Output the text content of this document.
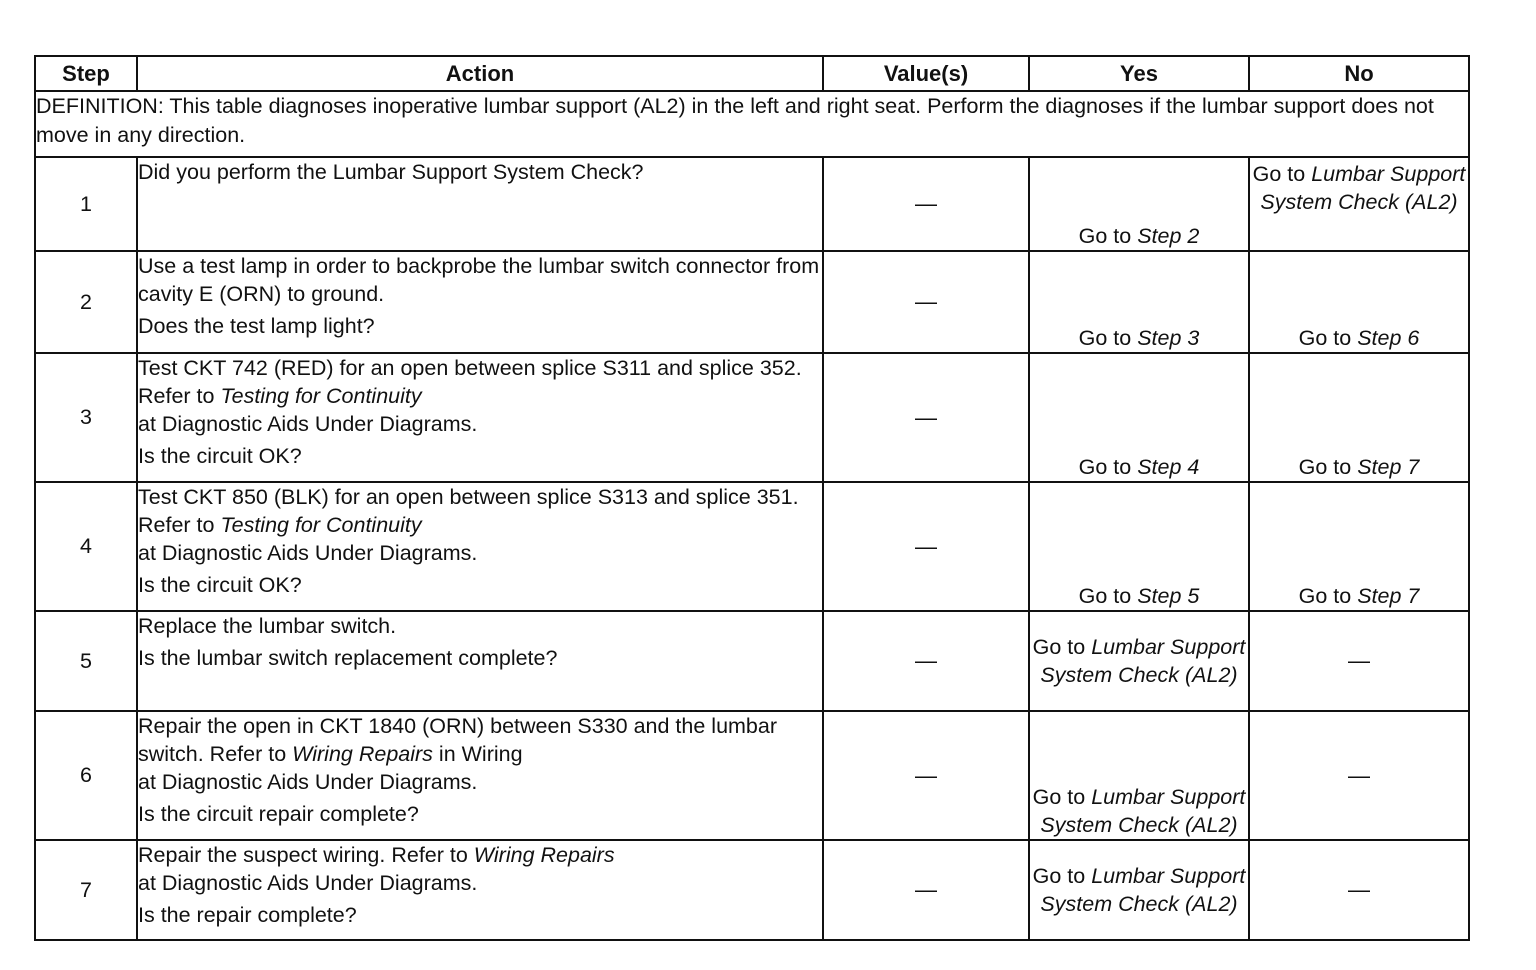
Step	Action	Value(s)	Yes	No
DEFINITION: This table diagnoses inoperative lumbar support (AL2) in the left and right seat. Perform the diagnoses if the lumbar support does not move in any direction.				
1	Did you perform the Lumbar Support System Check?	—	Go to Step 2	Go to Lumbar Support System Check (AL2)
2	Use a test lamp in order to backprobe the lumbar switch connector from cavity E (ORN) to ground.
Does the test lamp light?	—	Go to Step 3	Go to Step 6
3	Test CKT 742 (RED) for an open between splice S311 and splice 352. Refer to Testing for Continuity
at Diagnostic Aids Under Diagrams.
Is the circuit OK?	—	Go to Step 4	Go to Step 7
4	Test CKT 850 (BLK) for an open between splice S313 and splice 351. Refer to Testing for Continuity
at Diagnostic Aids Under Diagrams.
Is the circuit OK?	—	Go to Step 5	Go to Step 7
5	Replace the lumbar switch.
Is the lumbar switch replacement complete?	—	Go to Lumbar Support System Check (AL2)	—
6	Repair the open in CKT 1840 (ORN) between S330 and the lumbar switch. Refer to Wiring Repairs in Wiring
at Diagnostic Aids Under Diagrams.
Is the circuit repair complete?	—	Go to Lumbar Support System Check (AL2)	—
7	Repair the suspect wiring. Refer to Wiring Repairs
at Diagnostic Aids Under Diagrams.
Is the repair complete?	—	Go to Lumbar Support System Check (AL2)	—
